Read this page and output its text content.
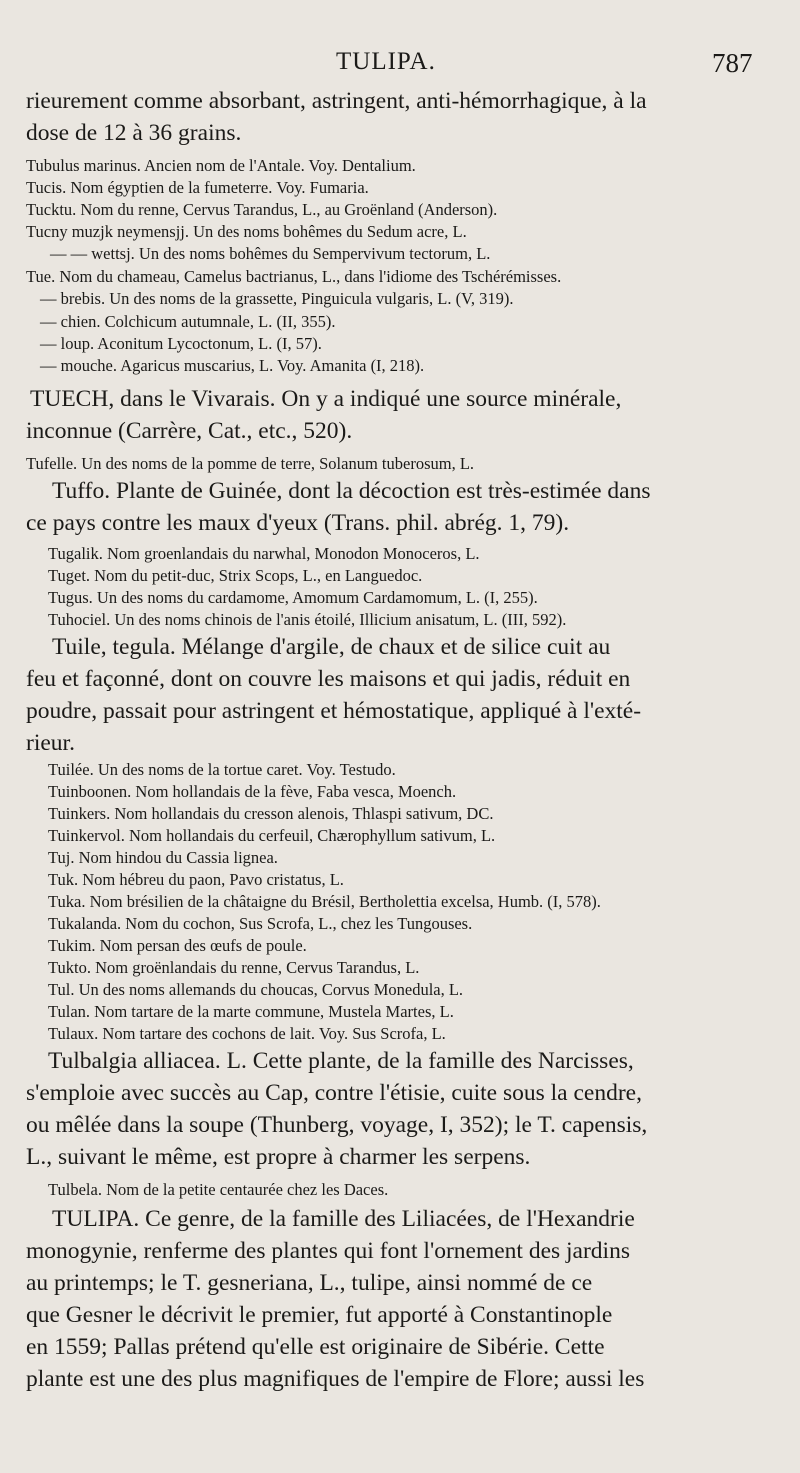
TULIPA.	787
rieurement comme absorbant, astringent, anti-hémorrhagique, à la
dose de 12 à 36 grains.
Tubulus marinus. Ancien nom de l'Antale. Voy. Dentalium.
Tucis. Nom égyptien de la fumeterre. Voy. Fumaria.
Tucktu. Nom du renne, Cervus Tarandus, L., au Groënland (Anderson).
Tucny muzjk neymensjj. Un des noms bohêmes du Sedum acre, L.
— — wettsj. Un des noms bohêmes du Sempervivum tectorum, L.
Tue. Nom du chameau, Camelus bactrianus, L., dans l'idiome des Tschérémisses.
— brebis. Un des noms de la grassette, Pinguicula vulgaris, L. (V, 319).
— chien. Colchicum autumnale, L. (II, 355).
— loup. Aconitum Lycoctonum, L. (I, 57).
— mouche. Agaricus muscarius, L. Voy. Amanita (I, 218).
TUECH, dans le Vivarais. On y a indiqué une source minérale,
inconnue (Carrère, Cat., etc., 520).
Tufelle. Un des noms de la pomme de terre, Solanum tuberosum, L.
Tuffo. Plante de Guinée, dont la décoction est très-estimée dans
ce pays contre les maux d'yeux (Trans. phil. abrég. 1, 79).
Tugalik. Nom groenlandais du narwhal, Monodon Monoceros, L.
Tuget. Nom du petit-duc, Strix Scops, L., en Languedoc.
Tugus. Un des noms du cardamome, Amomum Cardamomum, L. (I, 255).
Tuhociel. Un des noms chinois de l'anis étoilé, Illicium anisatum, L. (III, 592).
Tuile, tegula. Mélange d'argile, de chaux et de silice cuit au
feu et façonné, dont on couvre les maisons et qui jadis, réduit en
poudre, passait pour astringent et hémostatique, appliqué à l'exté-
rieur.
Tuilée. Un des noms de la tortue caret. Voy. Testudo.
Tuinboonen. Nom hollandais de la fève, Faba vesca, Moench.
Tuinkers. Nom hollandais du cresson alenois, Thlaspi sativum, DC.
Tuinkervol. Nom hollandais du cerfeuil, Chærophyllum sativum, L.
Tuj. Nom hindou du Cassia lignea.
Tuk. Nom hébreu du paon, Pavo cristatus, L.
Tuka. Nom brésilien de la châtaigne du Brésil, Bertholettia excelsa, Humb. (I, 578).
Tukalanda. Nom du cochon, Sus Scrofa, L., chez les Tungouses.
Tukim. Nom persan des œufs de poule.
Tukto. Nom groënlandais du renne, Cervus Tarandus, L.
Tul. Un des noms allemands du choucas, Corvus Monedula, L.
Tulan. Nom tartare de la marte commune, Mustela Martes, L.
Tulaux. Nom tartare des cochons de lait. Voy. Sus Scrofa, L.
Tulbalgia alliacea. L. Cette plante, de la famille des Narcisses,
s'emploie avec succès au Cap, contre l'étisie, cuite sous la cendre,
ou mêlée dans la soupe (Thunberg, voyage, I, 352); le T. capensis,
L., suivant le même, est propre à charmer les serpens.
Tulbela. Nom de la petite centaurée chez les Daces.
TULIPA. Ce genre, de la famille des Liliacées, de l'Hexandrie
monogynie, renferme des plantes qui font l'ornement des jardins
au printemps; le T. gesneriana, L., tulipe, ainsi nommé de ce
que Gesner le décrivit le premier, fut apporté à Constantinople
en 1559; Pallas prétend qu'elle est originaire de Sibérie. Cette
plante est une des plus magnifiques de l'empire de Flore; aussi les
